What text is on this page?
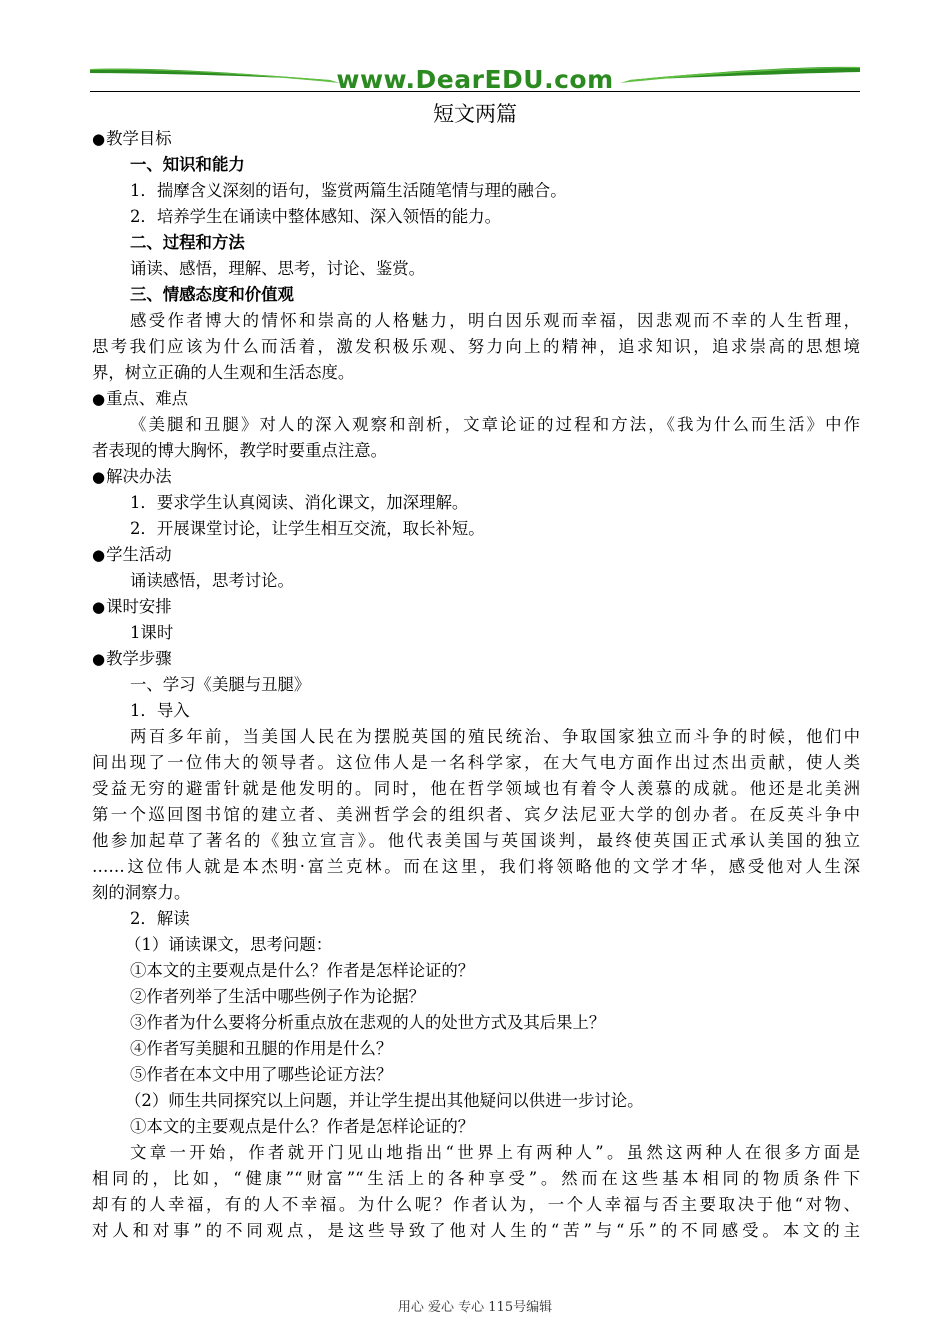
www.DearEDU.com
短文两篇
●教学目标
一、知识和能力
1．揣摩含义深刻的语句，鉴赏两篇生活随笔情与理的融合。
2．培养学生在诵读中整体感知、深入领悟的能力。
二、过程和方法
诵读、感悟，理解、思考，讨论、鉴赏。
三、情感态度和价值观
感受作者博大的情怀和崇高的人格魅力，明白因乐观而幸福，因悲观而不幸的人生哲理，
思考我们应该为什么而活着，激发积极乐观、努力向上的精神，追求知识，追求崇高的思想境
界，树立正确的人生观和生活态度。
●重点、难点
《美腿和丑腿》对人的深入观察和剖析，文章论证的过程和方法，《我为什么而生活》中作
者表现的博大胸怀，教学时要重点注意。
●解决办法
1．要求学生认真阅读、消化课文，加深理解。
2．开展课堂讨论，让学生相互交流，取长补短。
●学生活动
诵读感悟，思考讨论。
●课时安排
1课时
●教学步骤
一、学习《美腿与丑腿》
1．导入
两百多年前，当美国人民在为摆脱英国的殖民统治、争取国家独立而斗争的时候，他们中
间出现了一位伟大的领导者。这位伟人是一名科学家，在大气电方面作出过杰出贡献，使人类
受益无穷的避雷针就是他发明的。同时，他在哲学领域也有着令人羡慕的成就。他还是北美洲
第一个巡回图书馆的建立者、美洲哲学会的组织者、宾夕法尼亚大学的创办者。在反英斗争中
他参加起草了著名的《独立宣言》。他代表美国与英国谈判，最终使英国正式承认美国的独立
……这位伟人就是本杰明·富兰克林。而在这里，我们将领略他的文学才华，感受他对人生深
刻的洞察力。
2．解读
（1）诵读课文，思考问题：
①本文的主要观点是什么？作者是怎样论证的？
②作者列举了生活中哪些例子作为论据？
③作者为什么要将分析重点放在悲观的人的处世方式及其后果上？
④作者写美腿和丑腿的作用是什么？
⑤作者在本文中用了哪些论证方法？
（2）师生共同探究以上问题，并让学生提出其他疑问以供进一步讨论。
①本文的主要观点是什么？作者是怎样论证的？
文章一开始，作者就开门见山地指出“世界上有两种人”。虽然这两种人在很多方面是
相同的，比如，“健康”“财富”“生活上的各种享受”。然而在这些基本相同的物质条件下
却有的人幸福，有的人不幸福。为什么呢？作者认为，一个人幸福与否主要取决于他“对物、
对人和对事”的不同观点，是这些导致了他对人生的“苦”与“乐”的不同感受。本文的主
用心 爱心 专心 115号编辑
